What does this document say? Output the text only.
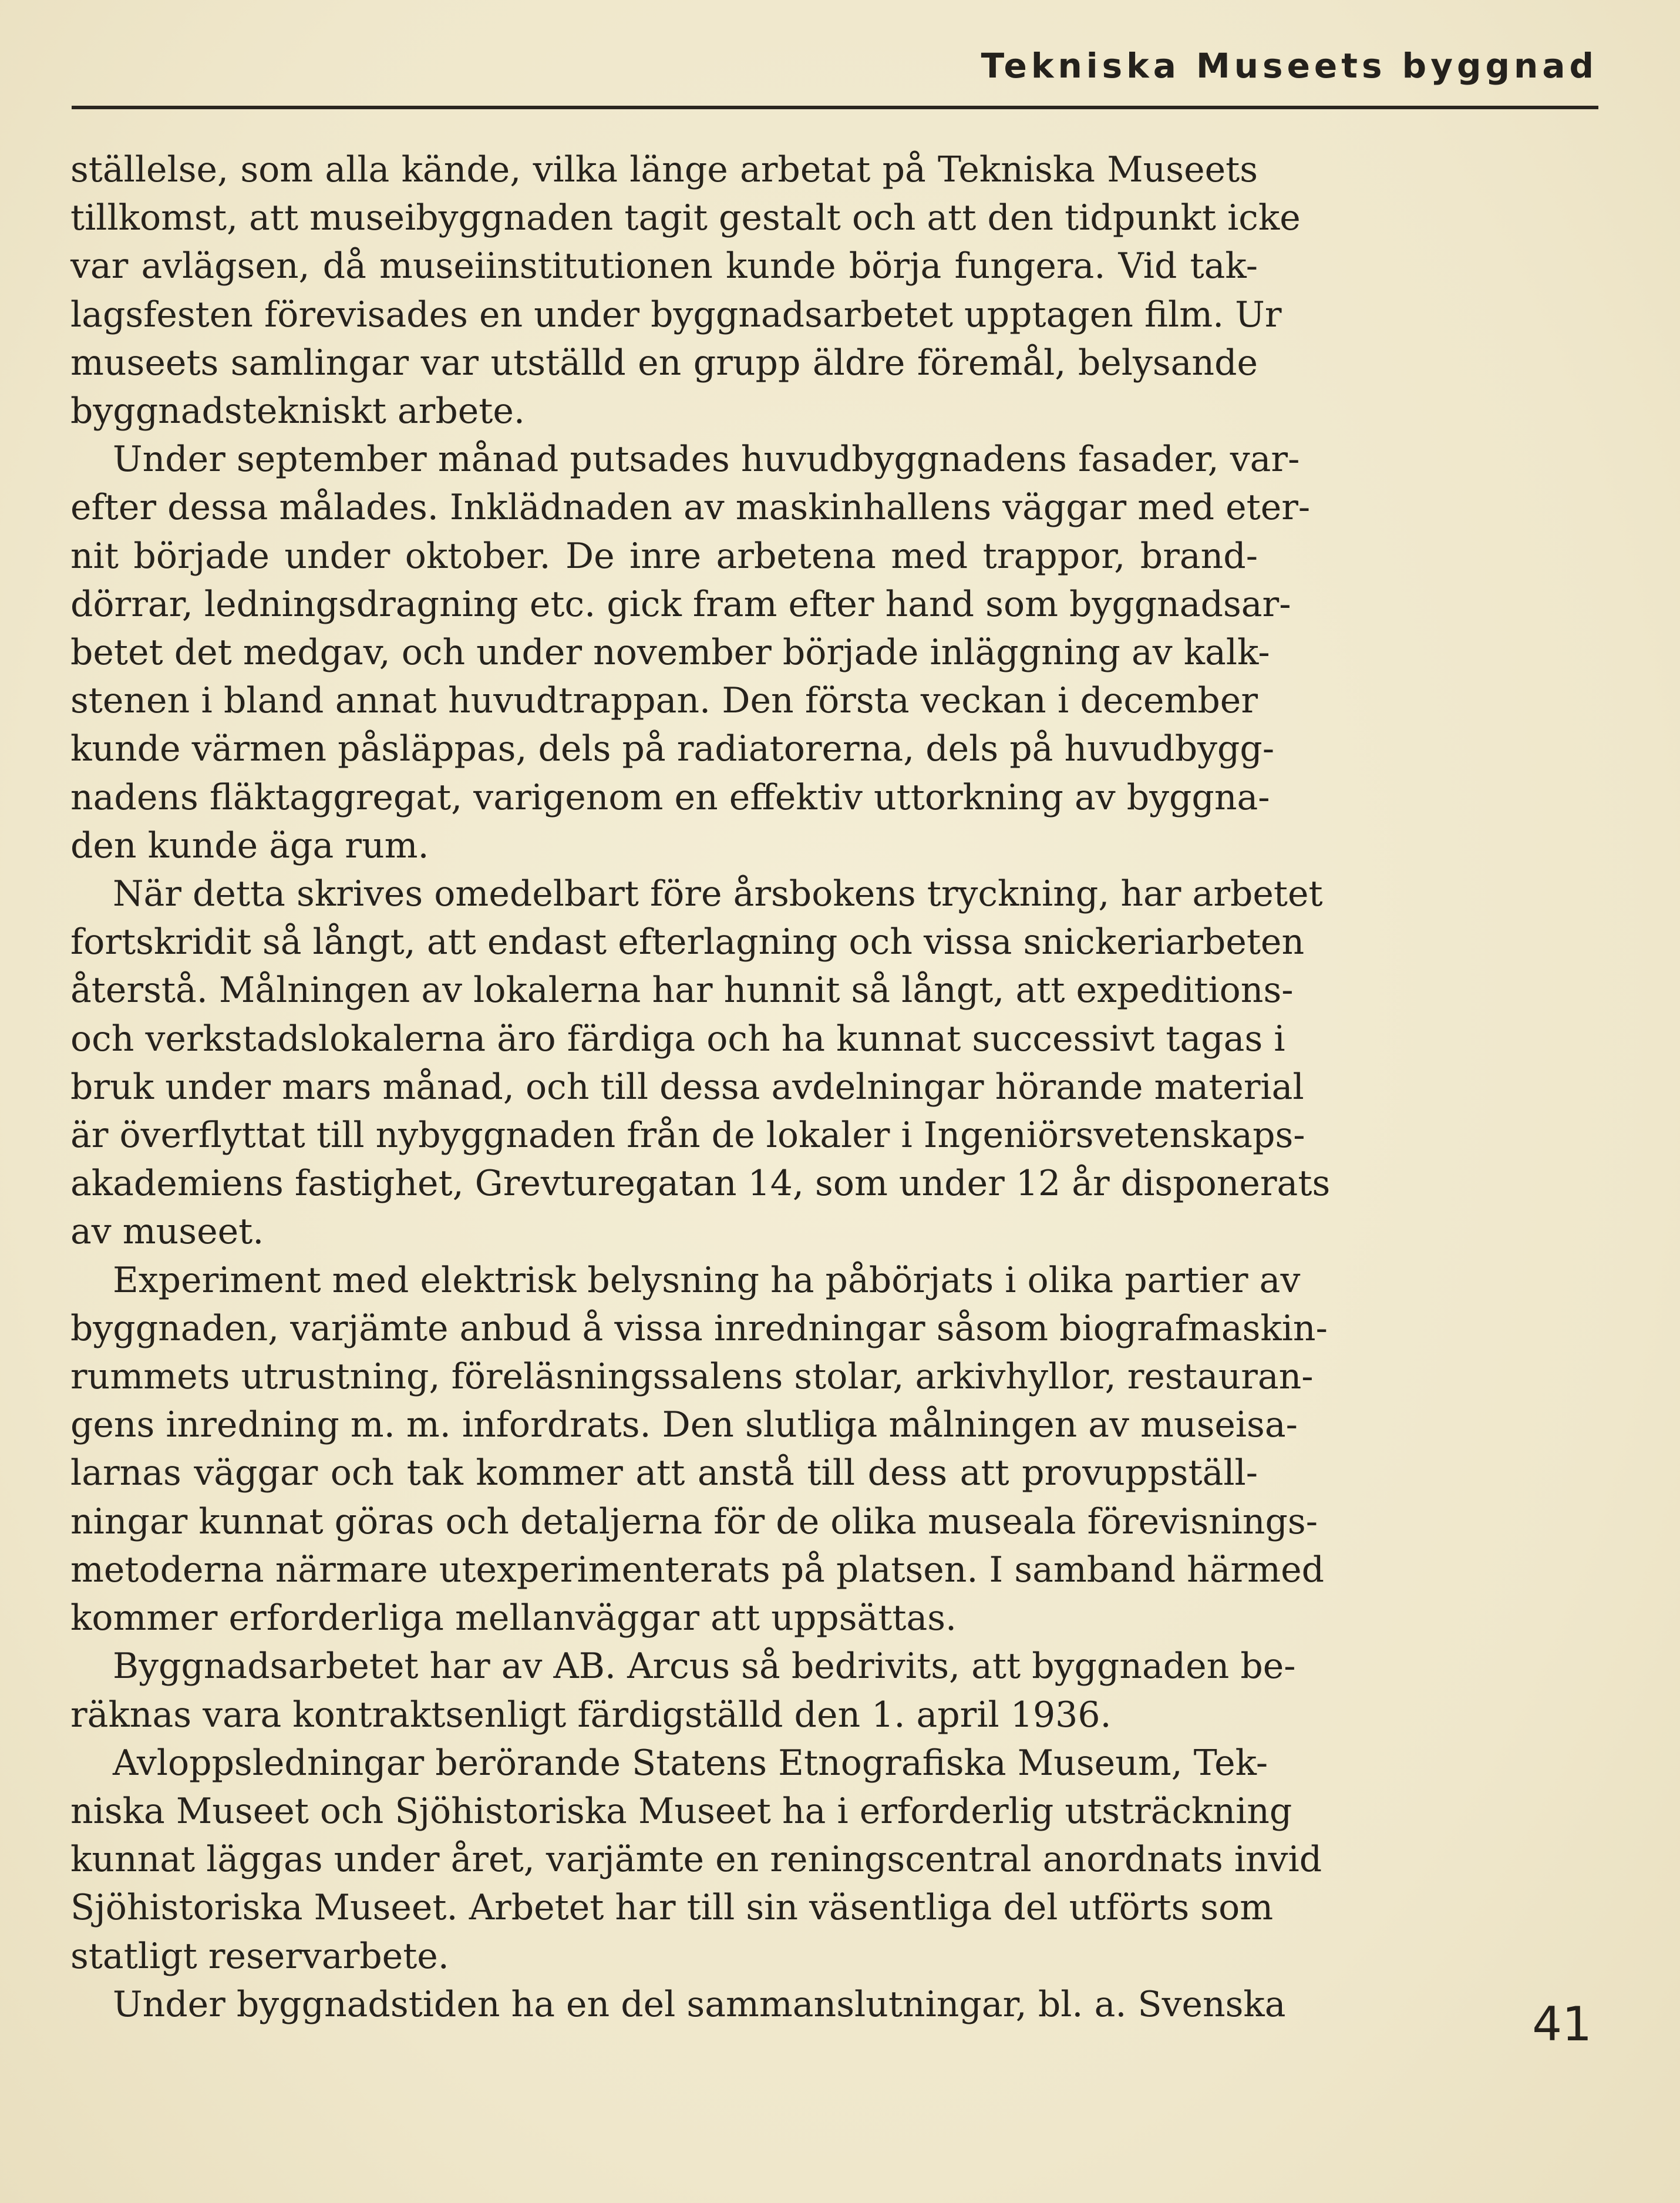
Tekniska Museets byggnad
ställelse, som alla kände, vilka länge arbetat på Tekniska Museets
tillkomst, att museibyggnaden tagit gestalt och att den tidpunkt icke
var avlägsen, då museiinstitutionen kunde börja fungera. Vid tak-
lagsfesten förevisades en under byggnadsarbetet upptagen film. Ur
museets samlingar var utställd en grupp äldre föremål, belysande
byggnadstekniskt arbete.
Under september månad putsades huvudbyggnadens fasader, var-
efter dessa målades. Inklädnaden av maskinhallens väggar med eter-
nit började under oktober. De inre arbetena med trappor, brand-
dörrar, ledningsdragning etc. gick fram efter hand som byggnadsar-
betet det medgav, och under november började inläggning av kalk-
stenen i bland annat huvudtrappan. Den första veckan i december
kunde värmen påsläppas, dels på radiatorerna, dels på huvudbygg-
nadens fläktaggregat, varigenom en effektiv uttorkning av byggna-
den kunde äga rum.
När detta skrives omedelbart före årsbokens tryckning, har arbetet
fortskridit så långt, att endast efterlagning och vissa snickeriarbeten
återstå. Målningen av lokalerna har hunnit så långt, att expeditions-
och verkstadslokalerna äro färdiga och ha kunnat successivt tagas i
bruk under mars månad, och till dessa avdelningar hörande material
är överflyttat till nybyggnaden från de lokaler i Ingeniörsvetenskaps-
akademiens fastighet, Grevturegatan 14, som under 12 år disponerats
av museet.
Experiment med elektrisk belysning ha påbörjats i olika partier av
byggnaden, varjämte anbud å vissa inredningar såsom biografmaskin-
rummets utrustning, föreläsningssalens stolar, arkivhyllor, restauran-
gens inredning m. m. infordrats. Den slutliga målningen av museisa-
larnas väggar och tak kommer att anstå till dess att provuppställ-
ningar kunnat göras och detaljerna för de olika museala förevisnings-
metoderna närmare utexperimenterats på platsen. I samband härmed
kommer erforderliga mellanväggar att uppsättas.
Byggnadsarbetet har av AB. Arcus så bedrivits, att byggnaden be-
räknas vara kontraktsenligt färdigställd den 1. april 1936.
Avloppsledningar berörande Statens Etnografiska Museum, Tek-
niska Museet och Sjöhistoriska Museet ha i erforderlig utsträckning
kunnat läggas under året, varjämte en reningscentral anordnats invid
Sjöhistoriska Museet. Arbetet har till sin väsentliga del utförts som
statligt reservarbete.
Under byggnadstiden ha en del sammanslutningar, bl. a. Svenska	41
